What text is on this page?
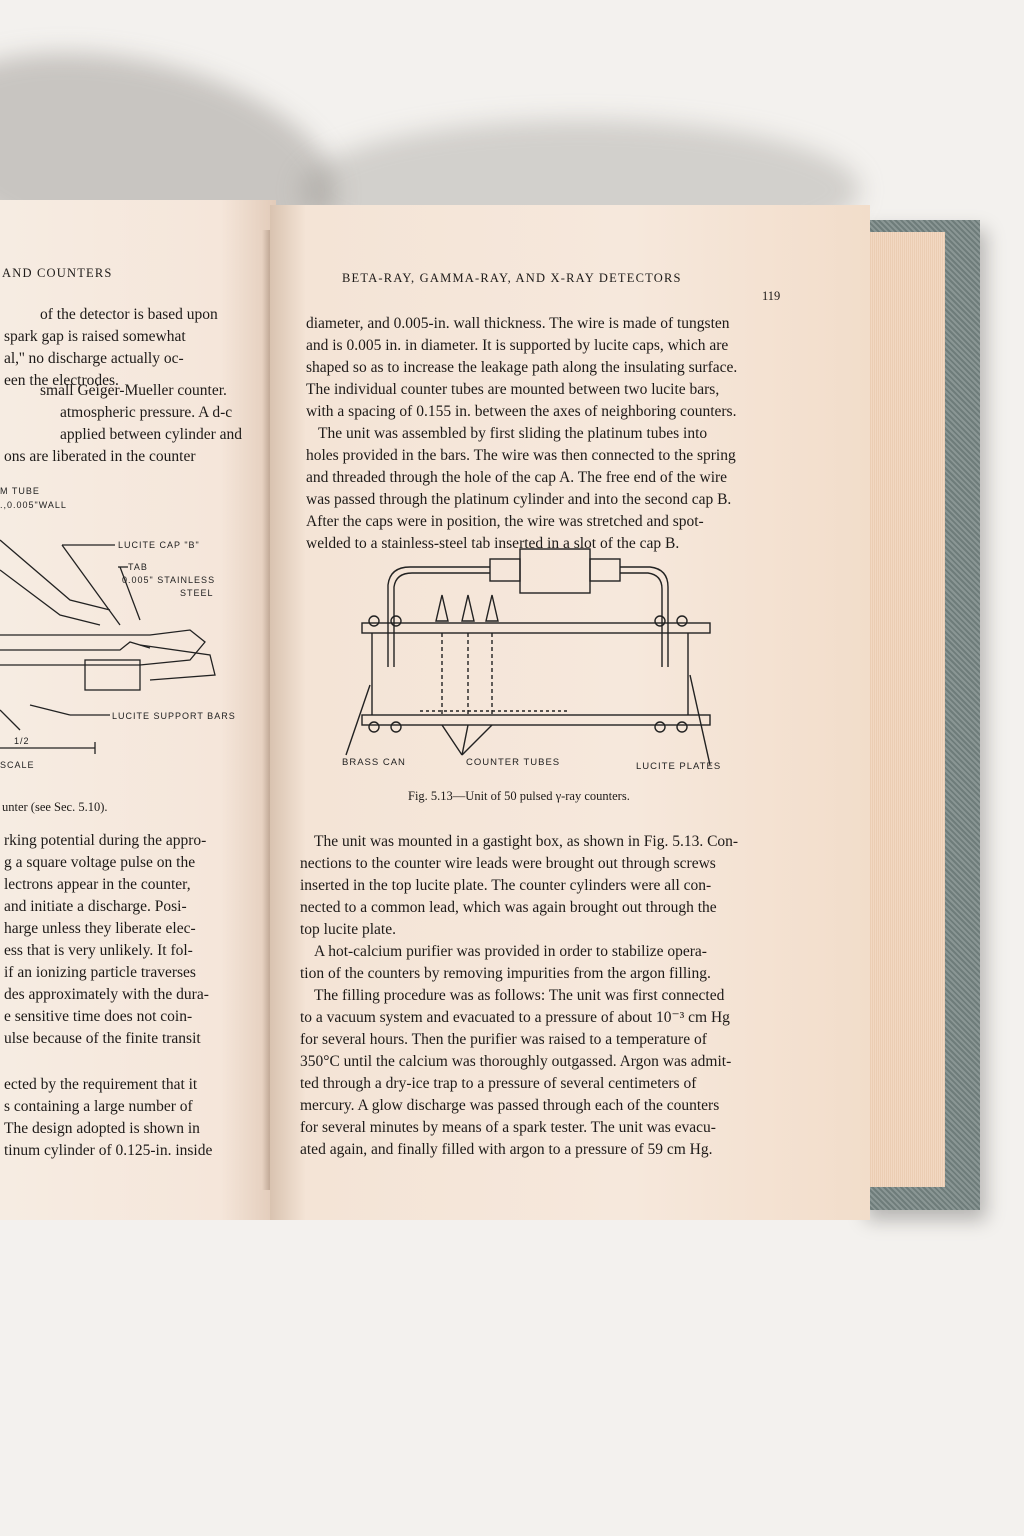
AND COUNTERS
of the detector is based upon
spark gap is raised somewhat
al,'' no discharge actually oc-
een the electrodes.
small Geiger-Mueller counter.
atmospheric pressure. A d-c
applied between cylinder and
ons are liberated in the counter
M TUBE
.,0.005"WALL
LUCITE CAP "B"
TAB
0.005" STAINLESS
STEEL
LUCITE SUPPORT BARS
1/2
SCALE
unter (see Sec. 5.10).
rking potential during the appro-
g a square voltage pulse on the
lectrons appear in the counter,
and initiate a discharge. Posi-
harge unless they liberate elec-
ess that is very unlikely. It fol-
if an ionizing particle traverses
des approximately with the dura-
e sensitive time does not coin-
ulse because of the finite transit
ected by the requirement that it
s containing a large number of
The design adopted is shown in
tinum cylinder of 0.125-in. inside
BETA-RAY, GAMMA-RAY, AND X-RAY DETECTORS
119
diameter, and 0.005-in. wall thickness. The wire is made of tungsten
and is 0.005 in. in diameter. It is supported by lucite caps, which are
shaped so as to increase the leakage path along the insulating surface.
The individual counter tubes are mounted between two lucite bars,
with a spacing of 0.155 in. between the axes of neighboring counters.
The unit was assembled by first sliding the platinum tubes into
holes provided in the bars. The wire was then connected to the spring
and threaded through the hole of the cap A. The free end of the wire
was passed through the platinum cylinder and into the second cap B.
After the caps were in position, the wire was stretched and spot-
welded to a stainless-steel tab inserted in a slot of the cap B.
BRASS CAN	COUNTER TUBES	LUCITE PLATES
Fig. 5.13—Unit of 50 pulsed γ-ray counters.
The unit was mounted in a gastight box, as shown in Fig. 5.13. Con-
nections to the counter wire leads were brought out through screws
inserted in the top lucite plate. The counter cylinders were all con-
nected to a common lead, which was again brought out through the
top lucite plate.
A hot-calcium purifier was provided in order to stabilize opera-
tion of the counters by removing impurities from the argon filling.
The filling procedure was as follows: The unit was first connected
to a vacuum system and evacuated to a pressure of about 10⁻³ cm Hg
for several hours. Then the purifier was raised to a temperature of
350°C until the calcium was thoroughly outgassed. Argon was admit-
ted through a dry-ice trap to a pressure of several centimeters of
mercury. A glow discharge was passed through each of the counters
for several minutes by means of a spark tester. The unit was evacu-
ated again, and finally filled with argon to a pressure of 59 cm Hg.
